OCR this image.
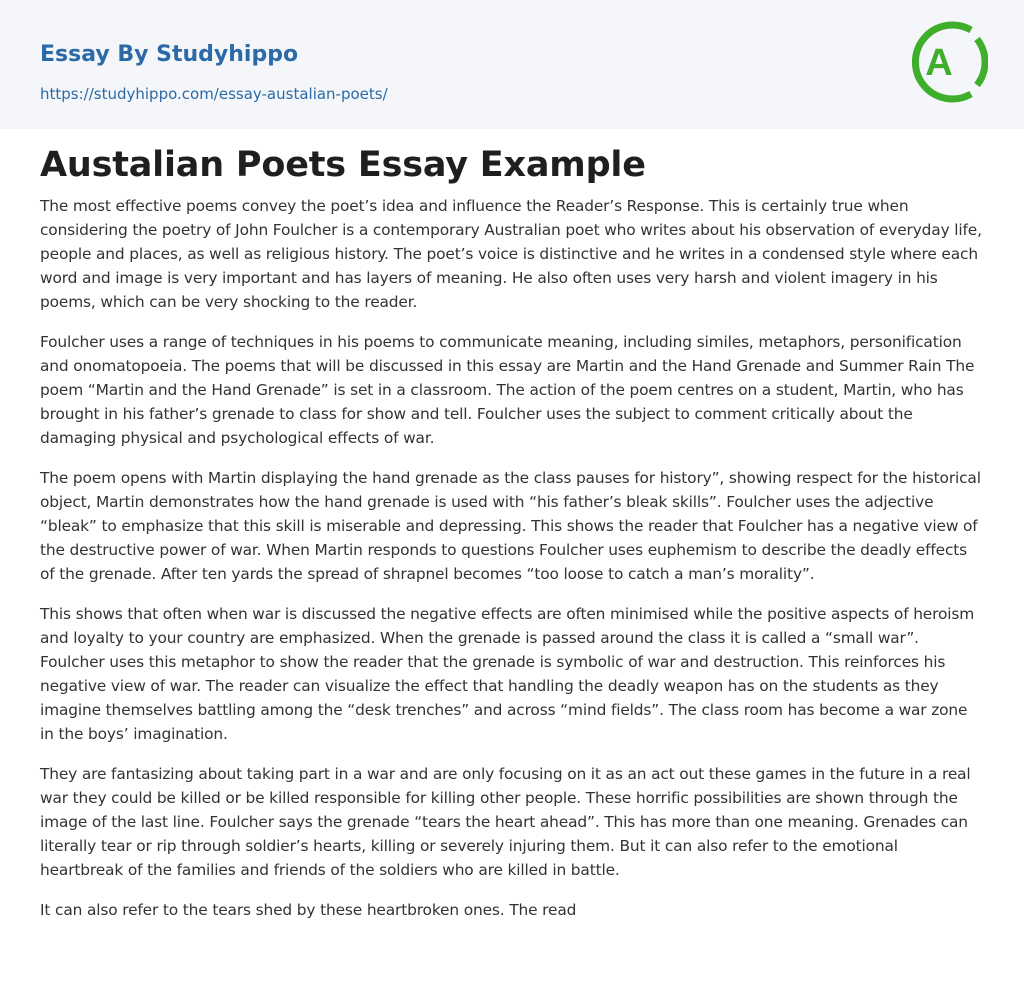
Essay By Studyhippo
https://studyhippo.com/essay-austalian-poets/
A
Austalian Poets Essay Example

The most effective poems convey the poet’s idea and influence the Reader’s Response. This is certainly true when considering the poetry of John Foulcher is a contemporary Australian poet who writes about his observation of everyday life, people and places, as well as religious history. The poet’s voice is distinctive and he writes in a condensed style where each word and image is very important and has layers of meaning. He also often uses very harsh and violent imagery in his poems, which can be very shocking to the reader.

Foulcher uses a range of techniques in his poems to communicate meaning, including similes, metaphors, personification and onomatopoeia. The poems that will be discussed in this essay are Martin and the Hand Grenade and Summer Rain The poem “Martin and the Hand Grenade” is set in a classroom. The action of the poem centres on a student, Martin, who has brought in his father’s grenade to class for show and tell. Foulcher uses the subject to comment critically about the damaging physical and psychological effects of war.

The poem opens with Martin displaying the hand grenade as the class pauses for history”, showing respect for the historical object, Martin demonstrates how the hand grenade is used with “his father’s bleak skills”. Foulcher uses the adjective “bleak” to emphasize that this skill is miserable and depressing. This shows the reader that Foulcher has a negative view of the destructive power of war. When Martin responds to questions Foulcher uses euphemism to describe the deadly effects of the grenade. After ten yards the spread of shrapnel becomes “too loose to catch a man’s morality”.

This shows that often when war is discussed the negative effects are often minimised while the positive aspects of heroism and loyalty to your country are emphasized. When the grenade is passed around the class it is called a “small war”. Foulcher uses this metaphor to show the reader that the grenade is symbolic of war and destruction. This reinforces his negative view of war. The reader can visualize the effect that handling the deadly weapon has on the students as they imagine themselves battling among the “desk trenches” and across “mind fields”. The class room has become a war zone in the boys’ imagination.

They are fantasizing about taking part in a war and are only focusing on it as an act out these games in the future in a real war they could be killed or be killed responsible for killing other people. These horrific possibilities are shown through the image of the last line. Foulcher says the grenade “tears the heart ahead”. This has more than one meaning. Grenades can literally tear or rip through soldier’s hearts, killing or severely injuring them. But it can also refer to the emotional heartbreak of the families and friends of the soldiers who are killed in battle.

It can also refer to the tears shed by these heartbroken ones. The read
